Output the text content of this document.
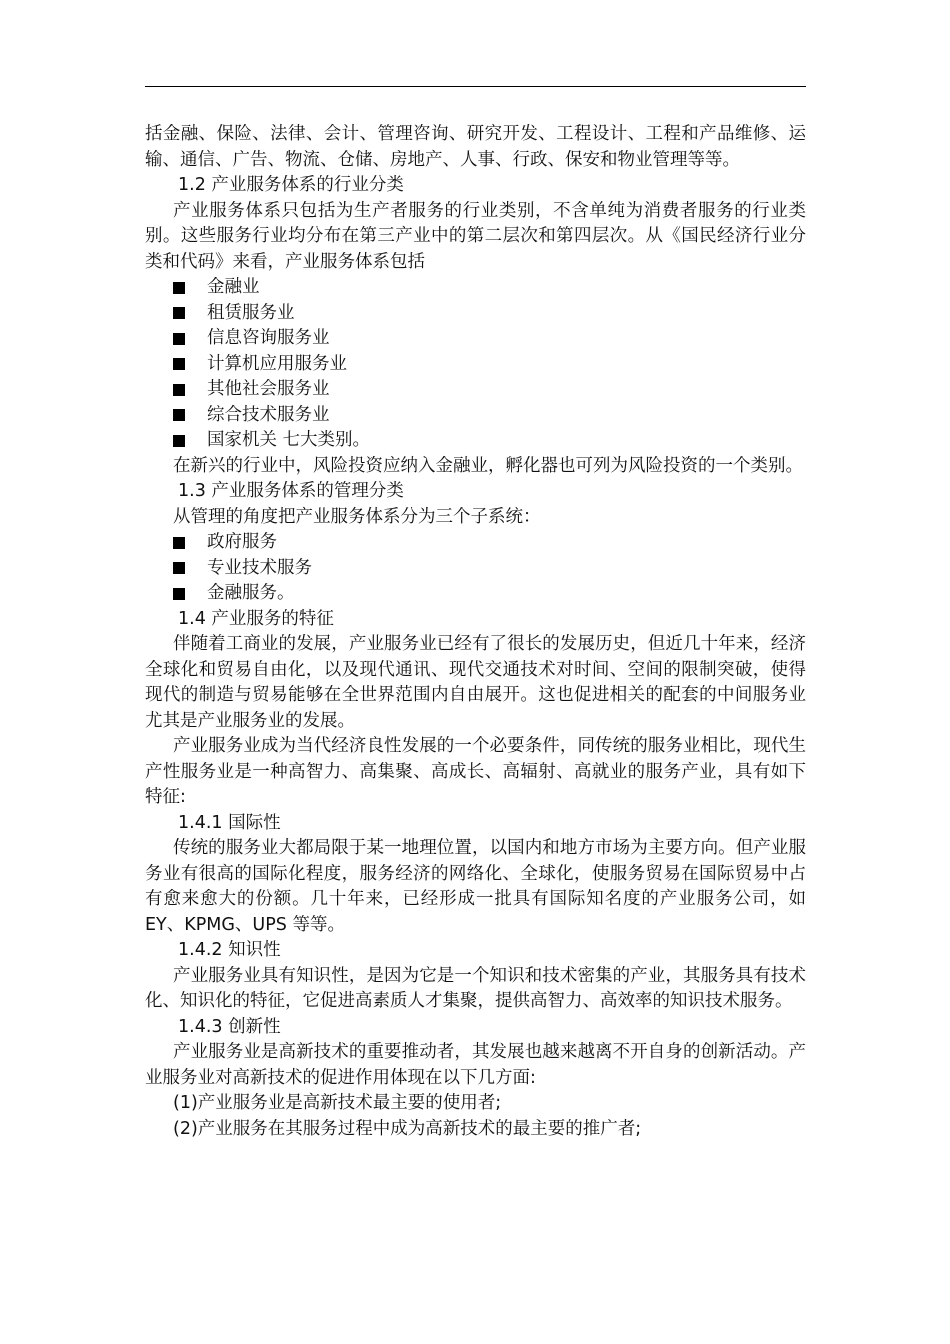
括金融、保险、法律、会计、管理咨询、研究开发、工程设计、工程和产品维修、运输、通信、广告、物流、仓储、房地产、人事、行政、保安和物业管理等等。

1.2 产业服务体系的行业分类

产业服务体系只包括为生产者服务的行业类别，不含单纯为消费者服务的行业类别。这些服务行业均分布在第三产业中的第二层次和第四层次。从《国民经济行业分类和代码》来看，产业服务体系包括

金融业
租赁服务业
信息咨询服务业
计算机应用服务业
其他社会服务业
综合技术服务业
国家机关 七大类别。

在新兴的行业中，风险投资应纳入金融业，孵化器也可列为风险投资的一个类别。

1.3 产业服务体系的管理分类

从管理的角度把产业服务体系分为三个子系统：

政府服务
专业技术服务
金融服务。

1.4 产业服务的特征

伴随着工商业的发展，产业服务业已经有了很长的发展历史，但近几十年来，经济全球化和贸易自由化，以及现代通讯、现代交通技术对时间、空间的限制突破，使得现代的制造与贸易能够在全世界范围内自由展开。这也促进相关的配套的中间服务业尤其是产业服务业的发展。

产业服务业成为当代经济良性发展的一个必要条件，同传统的服务业相比，现代生产性服务业是一种高智力、高集聚、高成长、高辐射、高就业的服务产业，具有如下特征:

1.4.1 国际性

传统的服务业大都局限于某一地理位置，以国内和地方市场为主要方向。但产业服务业有很高的国际化程度，服务经济的网络化、全球化，使服务贸易在国际贸易中占有愈来愈大的份额。几十年来，已经形成一批具有国际知名度的产业服务公司，如 EY、KPMG、UPS 等等。

1.4.2 知识性

产业服务业具有知识性，是因为它是一个知识和技术密集的产业，其服务具有技术化、知识化的特征，它促进高素质人才集聚，提供高智力、高效率的知识技术服务。

1.4.3 创新性

产业服务业是高新技术的重要推动者，其发展也越来越离不开自身的创新活动。产业服务业对高新技术的促进作用体现在以下几方面:

(1)产业服务业是高新技术最主要的使用者;

(2)产业服务在其服务过程中成为高新技术的最主要的推广者;
